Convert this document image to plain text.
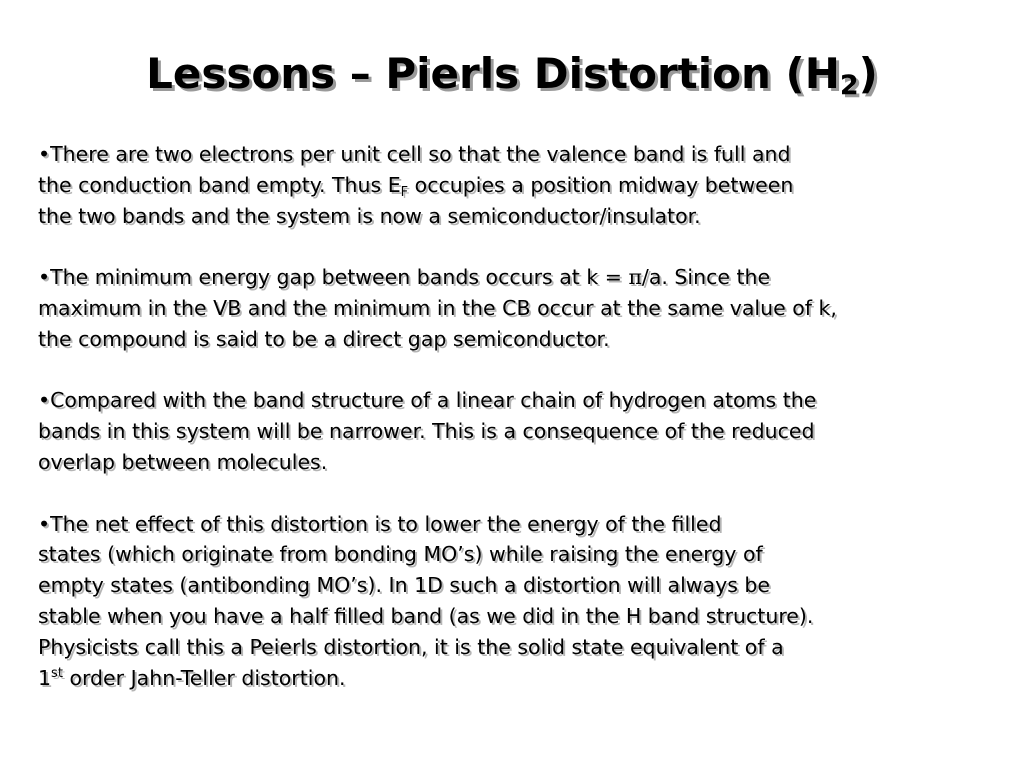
Lessons – Pierls Distortion $(H_2)$
•There are two electrons per unit cell so that the valence band is full and
the conduction band empty. Thus $E_F$ occupies a position midway between
the two bands and the system is now a semiconductor/insulator.
•The minimum energy gap between bands occurs at k = π/a. Since the
maximum in the VB and the minimum in the CB occur at the same value of k,
the compound is said to be a direct gap semiconductor.
•Compared with the band structure of a linear chain of hydrogen atoms the
bands in this system will be narrower. This is a consequence of the reduced
overlap between molecules.
•The net effect of this distortion is to lower the energy of the filled
states (which originate from bonding MO’s) while raising the energy of
empty states (antibonding MO’s). In 1D such a distortion will always be
stable when you have a half filled band (as we did in the H band structure).
Physicists call this a Peierls distortion, it is the solid state equivalent of a
1st order Jahn-Teller distortion.
